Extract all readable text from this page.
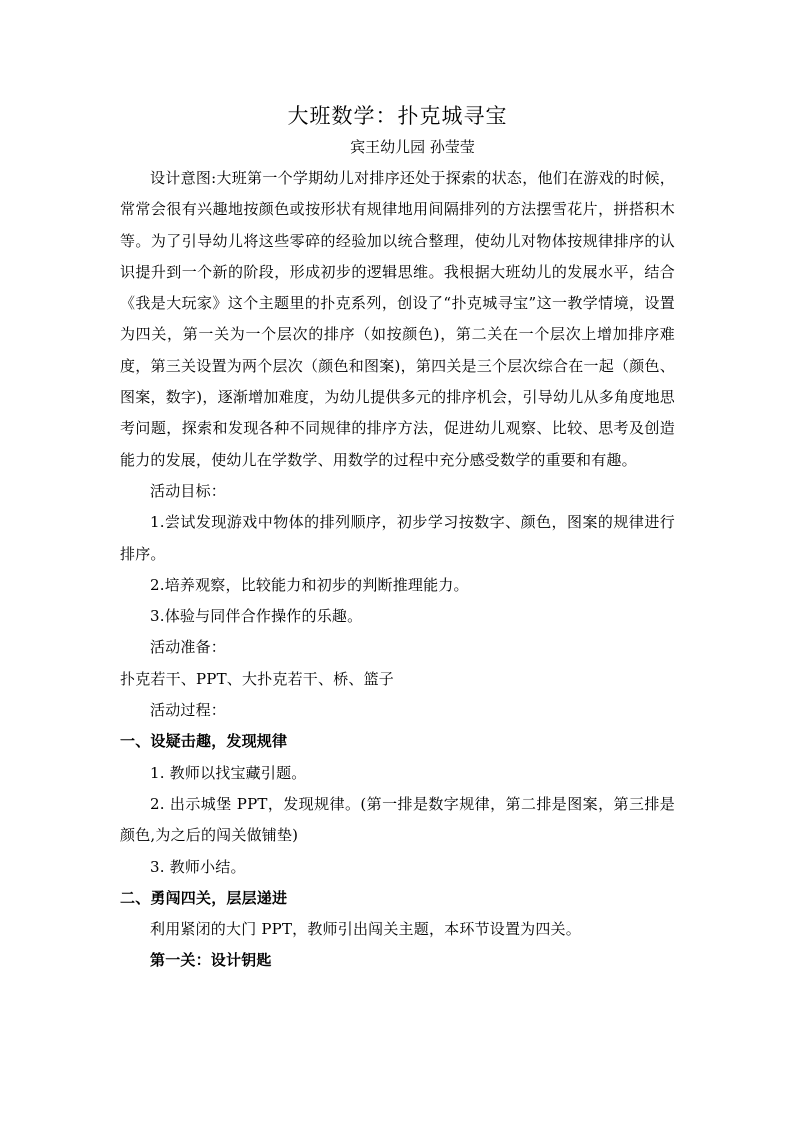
大班数学：扑克城寻宝

宾王幼儿园 孙莹莹

设计意图:大班第一个学期幼儿对排序还处于探索的状态，他们在游戏的时候，常常会很有兴趣地按颜色或按形状有规律地用间隔排列的方法摆雪花片，拼搭积木等。为了引导幼儿将这些零碎的经验加以统合整理，使幼儿对物体按规律排序的认识提升到一个新的阶段，形成初步的逻辑思维。我根据大班幼儿的发展水平，结合《我是大玩家》这个主题里的扑克系列，创设了“扑克城寻宝”这一教学情境，设置为四关，第一关为一个层次的排序（如按颜色)，第二关在一个层次上增加排序难度，第三关设置为两个层次（颜色和图案)，第四关是三个层次综合在一起（颜色、图案，数字)，逐渐增加难度，为幼儿提供多元的排序机会，引导幼儿从多角度地思考问题，探索和发现各种不同规律的排序方法，促进幼儿观察、比较、思考及创造能力的发展，使幼儿在学数学、用数学的过程中充分感受数学的重要和有趣。

活动目标：

1.尝试发现游戏中物体的排列顺序，初步学习按数字、颜色，图案的规律进行排序。

2.培养观察，比较能力和初步的判断推理能力。

3.体验与同伴合作操作的乐趣。

活动准备：

扑克若干、PPT、大扑克若干、桥、篮子

活动过程：

一、设疑击趣，发现规律

1. 教师以找宝藏引题。

2. 出示城堡 PPT，发现规律。(第一排是数字规律，第二排是图案，第三排是颜色,为之后的闯关做铺垫)

3. 教师小结。

二、勇闯四关，层层递进

利用紧闭的大门 PPT，教师引出闯关主题，本环节设置为四关。

第一关：设计钥匙
